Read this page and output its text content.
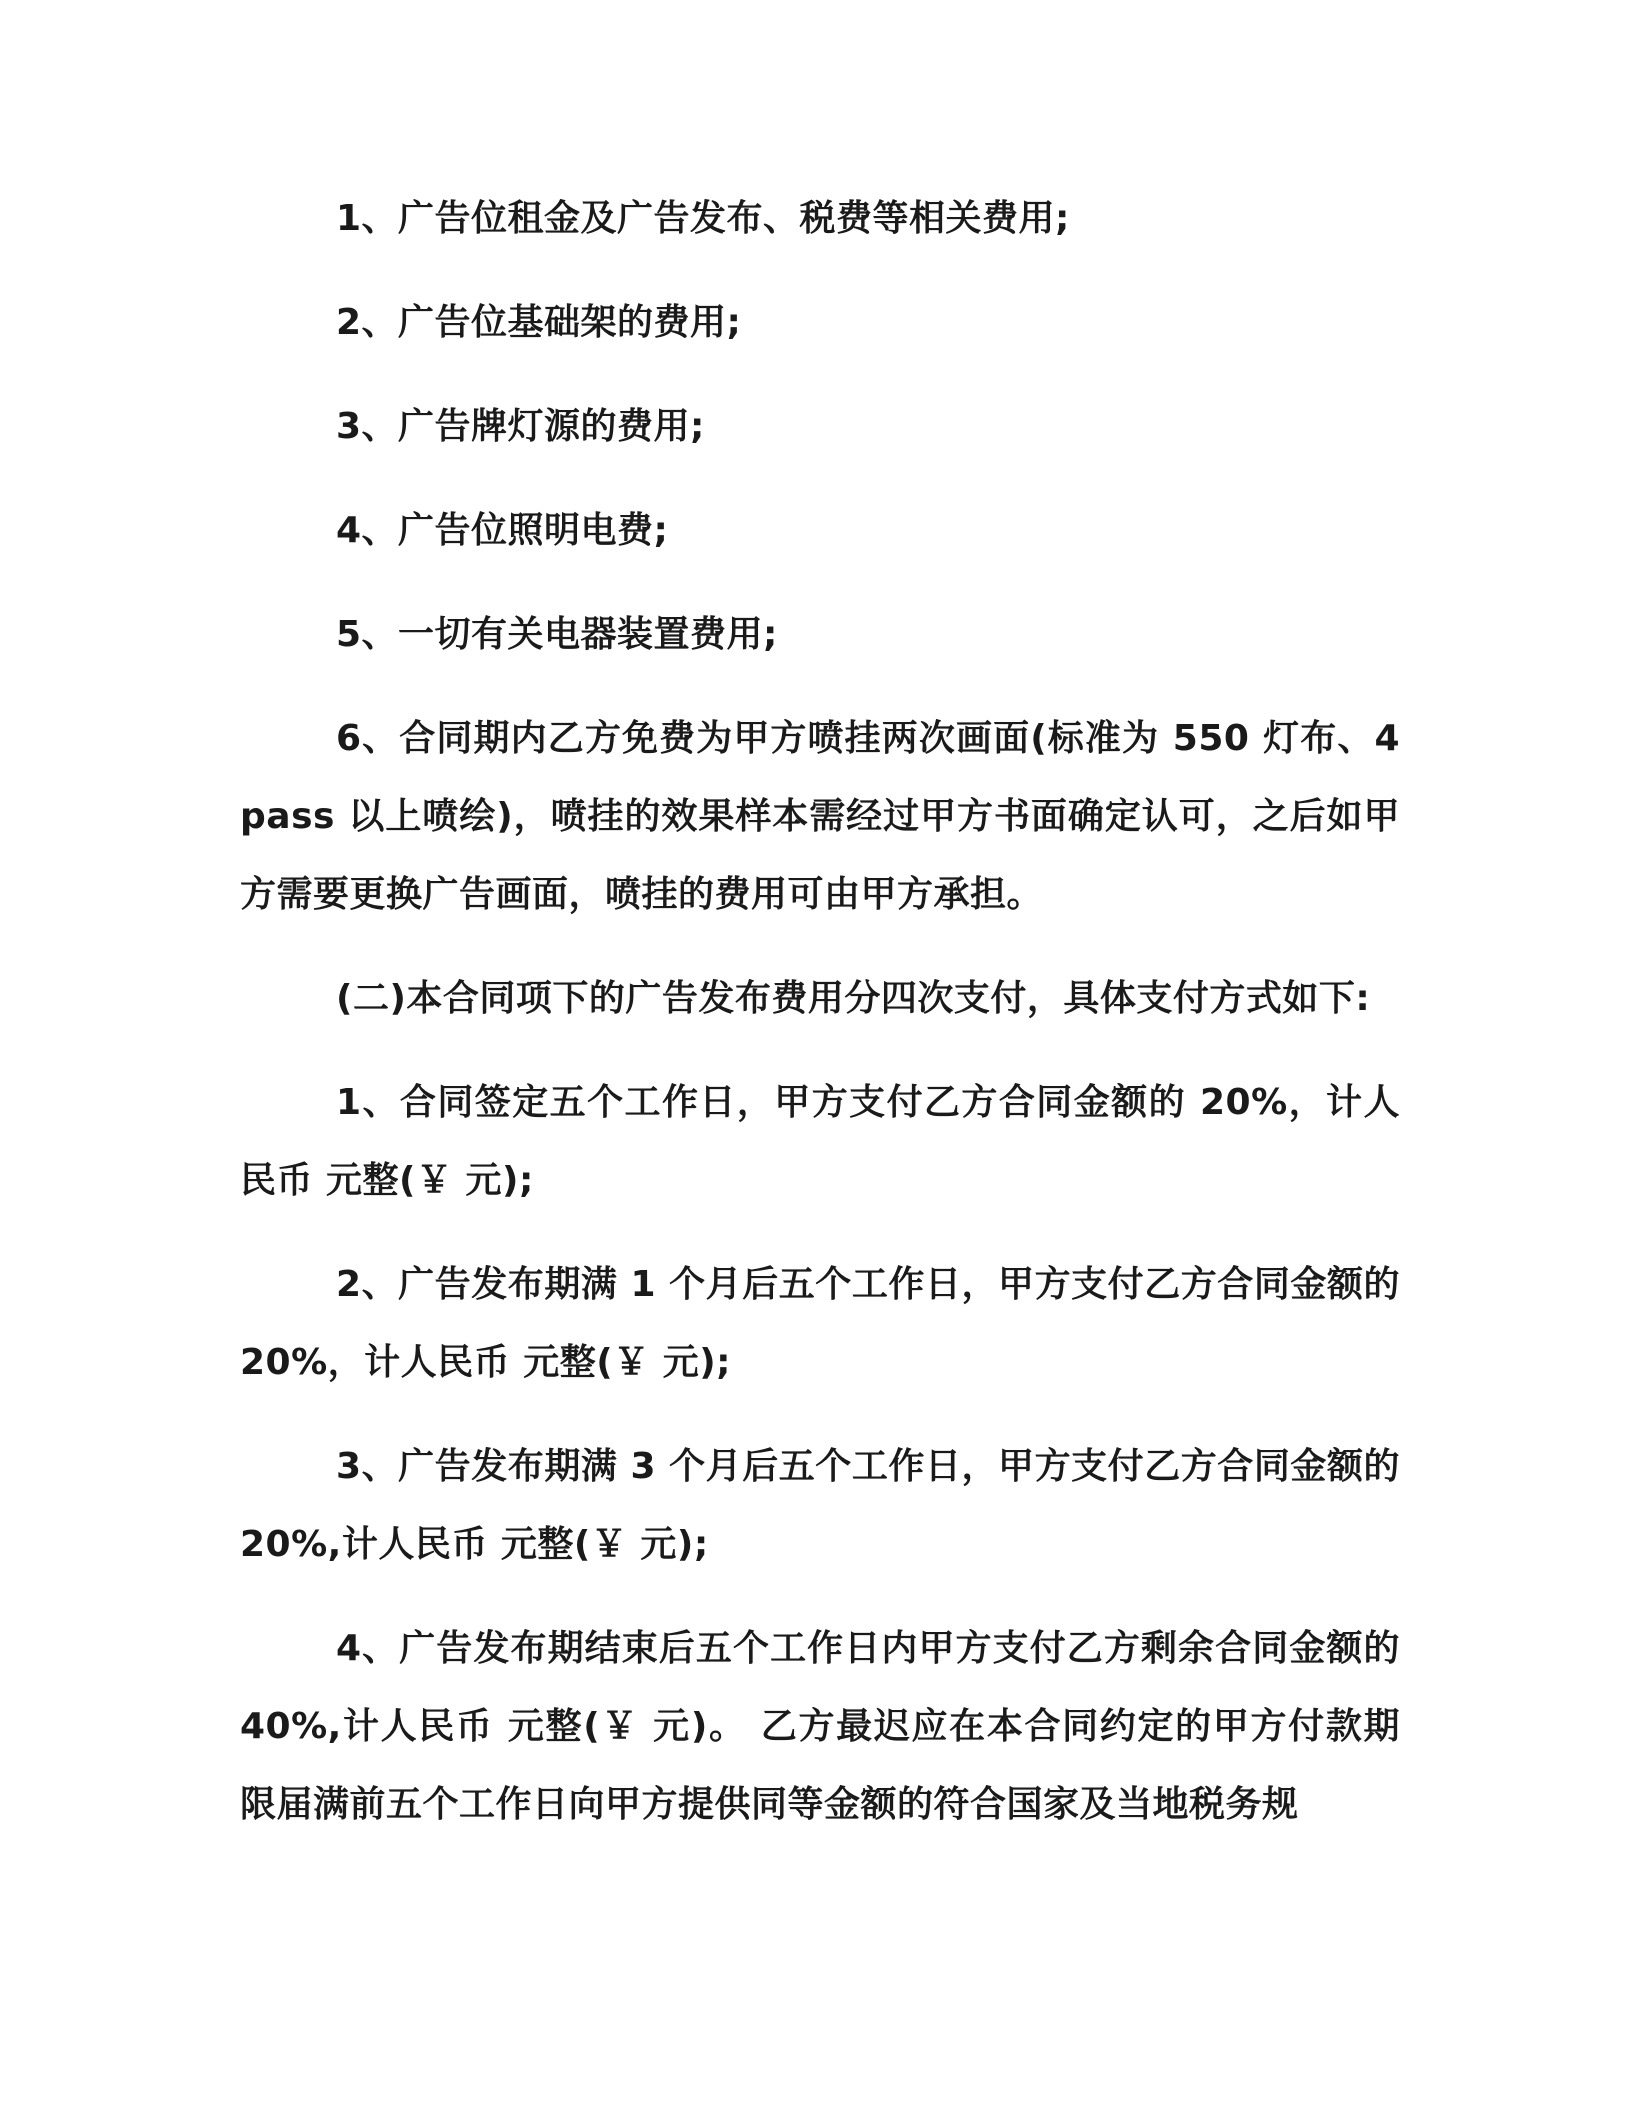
1、广告位租金及广告发布、税费等相关费用;

2、广告位基础架的费用;

3、广告牌灯源的费用;

4、广告位照明电费;

5、一切有关电器装置费用;

6、合同期内乙方免费为甲方喷挂两次画面(标准为 550 灯布、4pass 以上喷绘)，喷挂的效果样本需经过甲方书面确定认可，之后如甲方需要更换广告画面，喷挂的费用可由甲方承担。

(二)本合同项下的广告发布费用分四次支付，具体支付方式如下:

1、合同签定五个工作日，甲方支付乙方合同金额的 20%，计人民币 元整(￥ 元);

2、广告发布期满 1 个月后五个工作日，甲方支付乙方合同金额的 20%，计人民币 元整(￥ 元);

3、广告发布期满 3 个月后五个工作日，甲方支付乙方合同金额的 20%,计人民币 元整(￥ 元);

4、广告发布期结束后五个工作日内甲方支付乙方剩余合同金额的 40%,计人民币 元整(￥ 元)。 乙方最迟应在本合同约定的甲方付款期限届满前五个工作日向甲方提供同等金额的符合国家及当地税务规
